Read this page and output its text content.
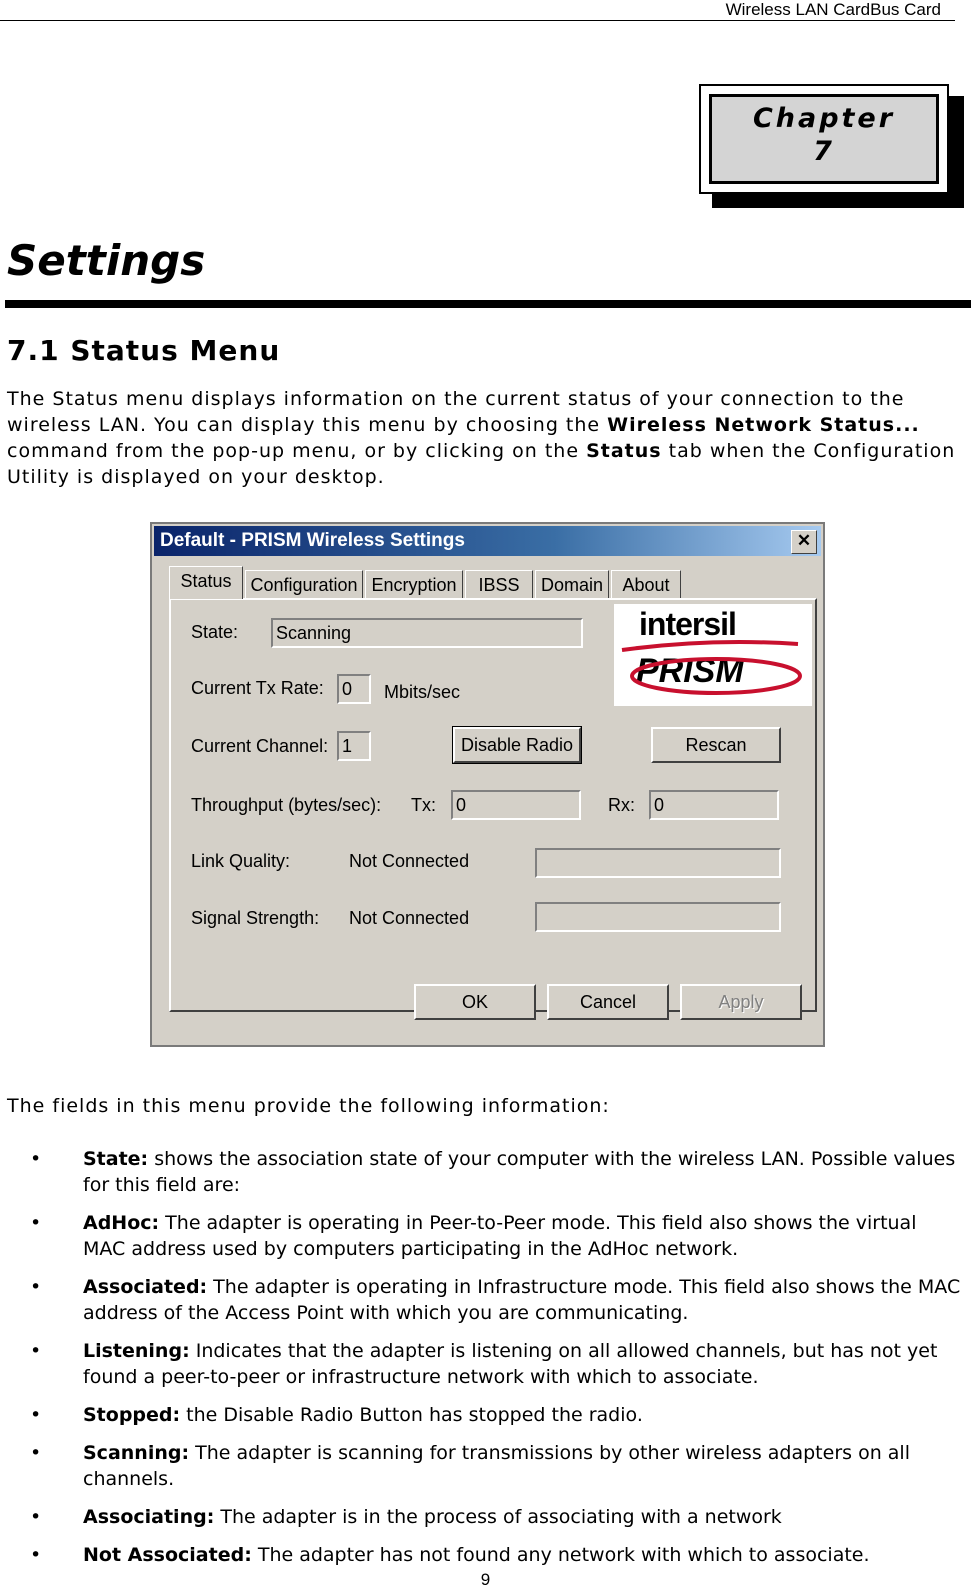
Wireless LAN CardBus Card
Chapter
7
Settings
7.1 Status Menu

The Status menu displays information on the current status of your connection to the wireless LAN. You can display this menu by choosing the Wireless Network Status... command from the pop-up menu, or by clicking on the Status tab when the Configuration Utility is displayed on your desktop.

Default - PRISM Wireless Settings	✕
Status	Configuration Encryption	IBSS	Domain	About
State: Scanning
Current Tx Rate: 0	Mbits/sec
Current Channel: 1	Disable Radio	Rescan
Throughput (bytes/sec): Tx: 0	Rx: 0
Link Quality:	Not Connected
Signal Strength: Not Connected
intersil
PRISM
OK	Cancel	Apply

The fields in this menu provide the following information:

• State: shows the association state of your computer with the wireless LAN. Possible values for this field are:
• AdHoc: The adapter is operating in Peer-to-Peer mode. This field also shows the virtual MAC address used by computers participating in the AdHoc network.
• Associated: The adapter is operating in Infrastructure mode. This field also shows the MAC address of the Access Point with which you are communicating.
• Listening: Indicates that the adapter is listening on all allowed channels, but has not yet found a peer-to-peer or infrastructure network with which to associate.
• Stopped: the Disable Radio Button has stopped the radio.
• Scanning: The adapter is scanning for transmissions by other wireless adapters on all channels.
• Associating: The adapter is in the process of associating with a network
• Not Associated: The adapter has not found any network with which to associate.
9
